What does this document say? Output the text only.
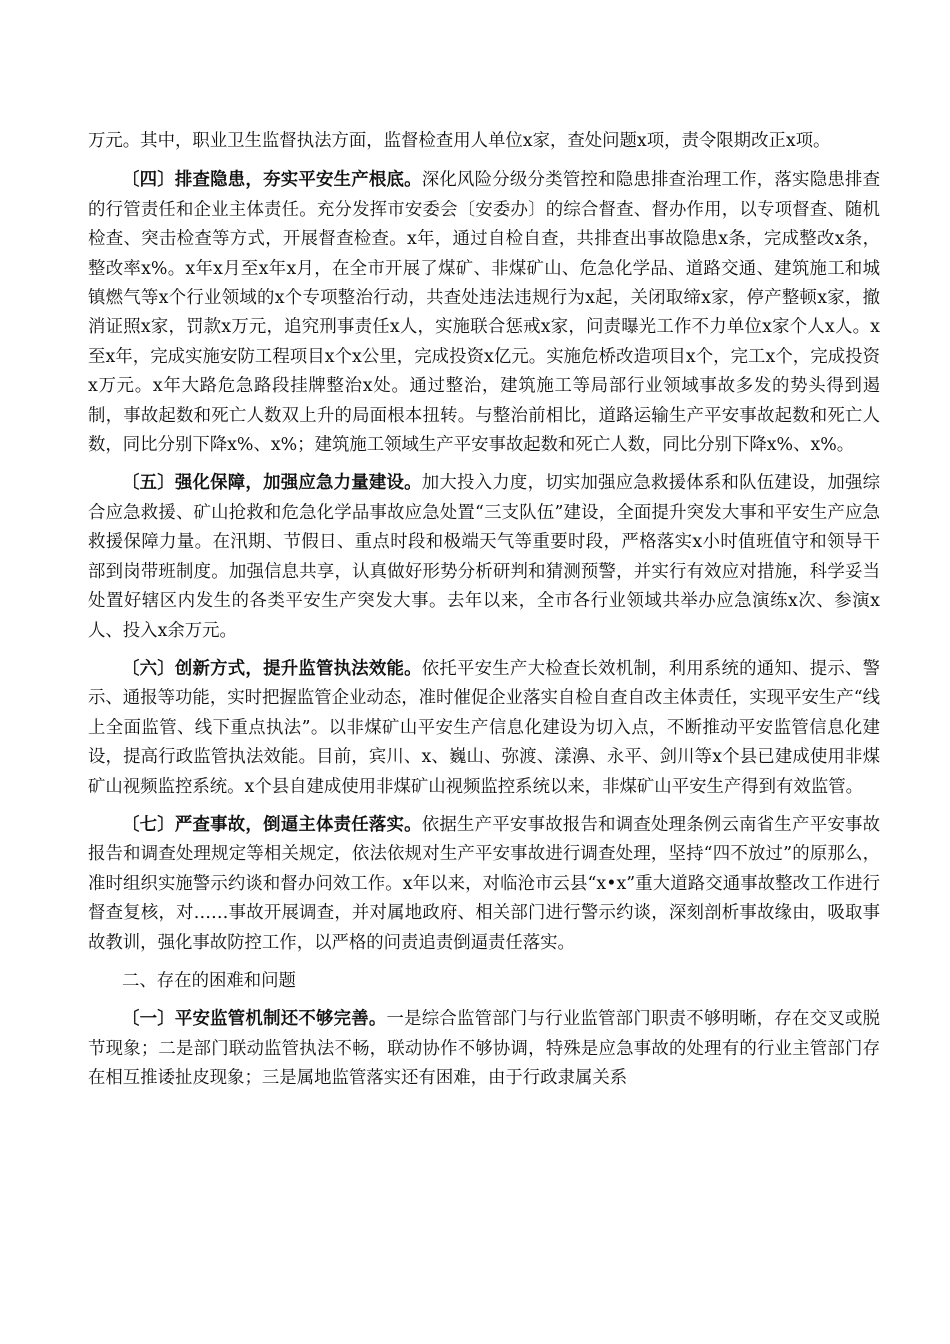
万元。其中，职业卫生监督执法方面，监督检查用人单位x家，查处问题x项，责令限期改正x项。

〔四〕排查隐患，夯实平安生产根底。深化风险分级分类管控和隐患排查治理工作，落实隐患排查的行管责任和企业主体责任。充分发挥市安委会〔安委办〕的综合督查、督办作用，以专项督查、随机检查、突击检查等方式，开展督查检查。x年，通过自检自查，共排查出事故隐患x条，完成整改x条，整改率x%。x年x月至x年x月，在全市开展了煤矿、非煤矿山、危急化学品、道路交通、建筑施工和城镇燃气等x个行业领域的x个专项整治行动，共查处违法违规行为x起，关闭取缔x家，停产整顿x家，撤消证照x家，罚款x万元，追究刑事责任x人，实施联合惩戒x家，问责曝光工作不力单位x家个人x人。x至x年，完成实施安防工程项目x个x公里，完成投资x亿元。实施危桥改造项目x个，完工x个，完成投资x万元。x年大路危急路段挂牌整治x处。通过整治，建筑施工等局部行业领域事故多发的势头得到遏制，事故起数和死亡人数双上升的局面根本扭转。与整治前相比，道路运输生产平安事故起数和死亡人数，同比分别下降x%、x%；建筑施工领域生产平安事故起数和死亡人数，同比分别下降x%、x%。

〔五〕强化保障，加强应急力量建设。加大投入力度，切实加强应急救援体系和队伍建设，加强综合应急救援、矿山抢救和危急化学品事故应急处置“三支队伍”建设，全面提升突发大事和平安生产应急救援保障力量。在汛期、节假日、重点时段和极端天气等重要时段，严格落实x小时值班值守和领导干部到岗带班制度。加强信息共享，认真做好形势分析研判和猜测预警，并实行有效应对措施，科学妥当处置好辖区内发生的各类平安生产突发大事。去年以来，全市各行业领域共举办应急演练x次、参演x人、投入x余万元。

〔六〕创新方式，提升监管执法效能。依托平安生产大检查长效机制，利用系统的通知、提示、警示、通报等功能，实时把握监管企业动态，准时催促企业落实自检自查自改主体责任，实现平安生产“线上全面监管、线下重点执法”。以非煤矿山平安生产信息化建设为切入点，不断推动平安监管信息化建设，提高行政监管执法效能。目前，宾川、x、巍山、弥渡、漾濞、永平、剑川等x个县已建成使用非煤矿山视频监控系统。x个县自建成使用非煤矿山视频监控系统以来，非煤矿山平安生产得到有效监管。

〔七〕严查事故，倒逼主体责任落实。依据生产平安事故报告和调查处理条例云南省生产平安事故报告和调查处理规定等相关规定，依法依规对生产平安事故进行调查处理，坚持“四不放过”的原那么，准时组织实施警示约谈和督办问效工作。x年以来，对临沧市云县“x•x”重大道路交通事故整改工作进行督查复核，对……事故开展调查，并对属地政府、相关部门进行警示约谈，深刻剖析事故缘由，吸取事故教训，强化事故防控工作，以严格的问责追责倒逼责任落实。

二、存在的困难和问题

〔一〕平安监管机制还不够完善。一是综合监管部门与行业监管部门职责不够明晰，存在交叉或脱节现象；二是部门联动监管执法不畅，联动协作不够协调，特殊是应急事故的处理有的行业主管部门存在相互推诿扯皮现象；三是属地监管落实还有困难，由于行政隶属关系
